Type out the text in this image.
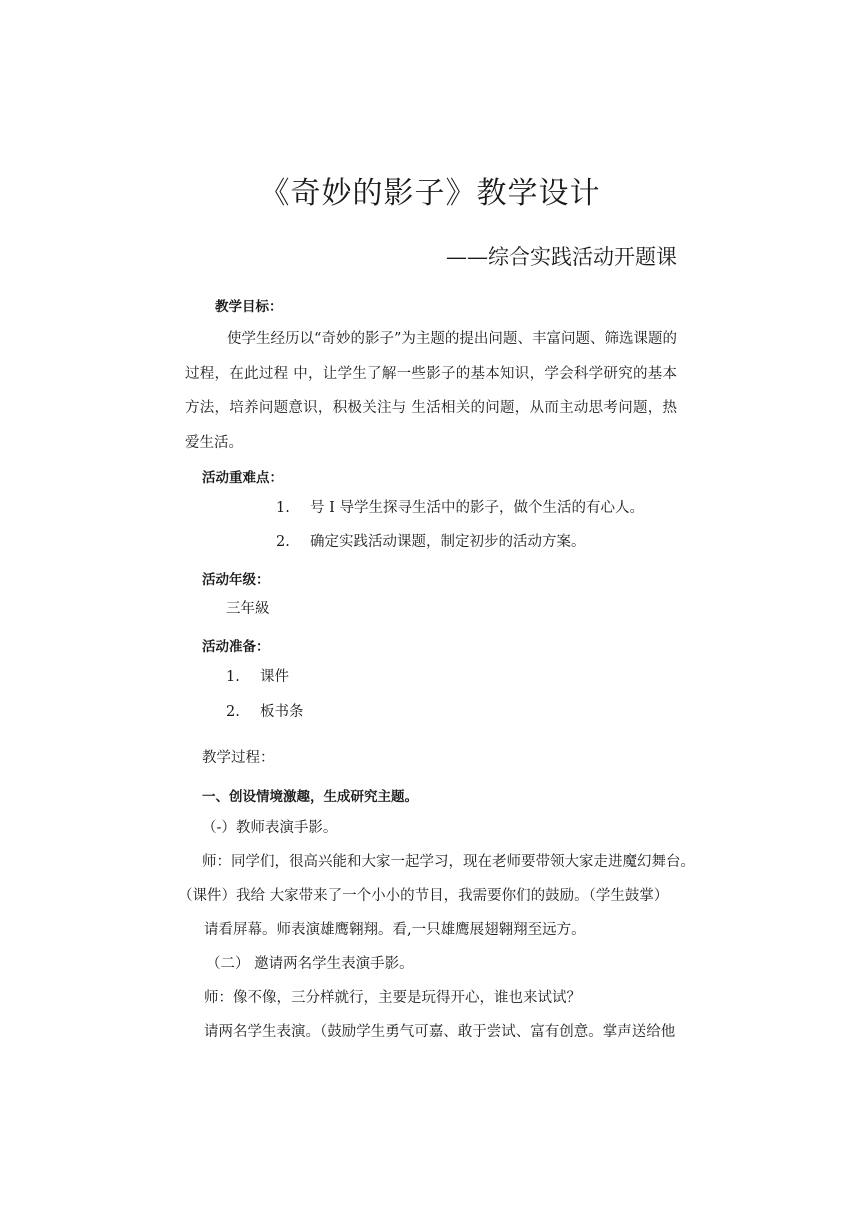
《奇妙的影子》教学设计
——综合实践活动开题课
教学目标：
使学生经历以“奇妙的影子”为主题的提出问题、丰富问题、筛选课题的过程，在此过程 中，让学生了解一些影子的基本知识，学会科学研究的基本方法，培养问题意识，积极关注与 生活相关的问题，从而主动思考问题，热爱生活。
活动重难点：
1. 号 I 导学生探寻生活中的影子，做个生活的有心人。
2. 确定实践活动课题，制定初步的活动方案。
活动年级：
三年級
活动准备：
1. 课件
2. 板书条
教学过程：
一、创设情境激趣，生成研究主题。
（-）教师表演手影。
师：同学们，很高兴能和大家一起学习，现在老师要带领大家走进魔幻舞台。
（课件）我给 大家带来了一个小小的节目，我需要你们的鼓励。（学生鼓掌）
请看屏幕。师表演雄鹰翱翔。看,一只雄鹰展翅翱翔至远方。
（二） 邀请两名学生表演手影。
师：像不像，三分样就行，主要是玩得开心，谁也来试试？
请两名学生表演。（鼓励学生勇气可嘉、敢于尝试、富有创意。掌声送给他
